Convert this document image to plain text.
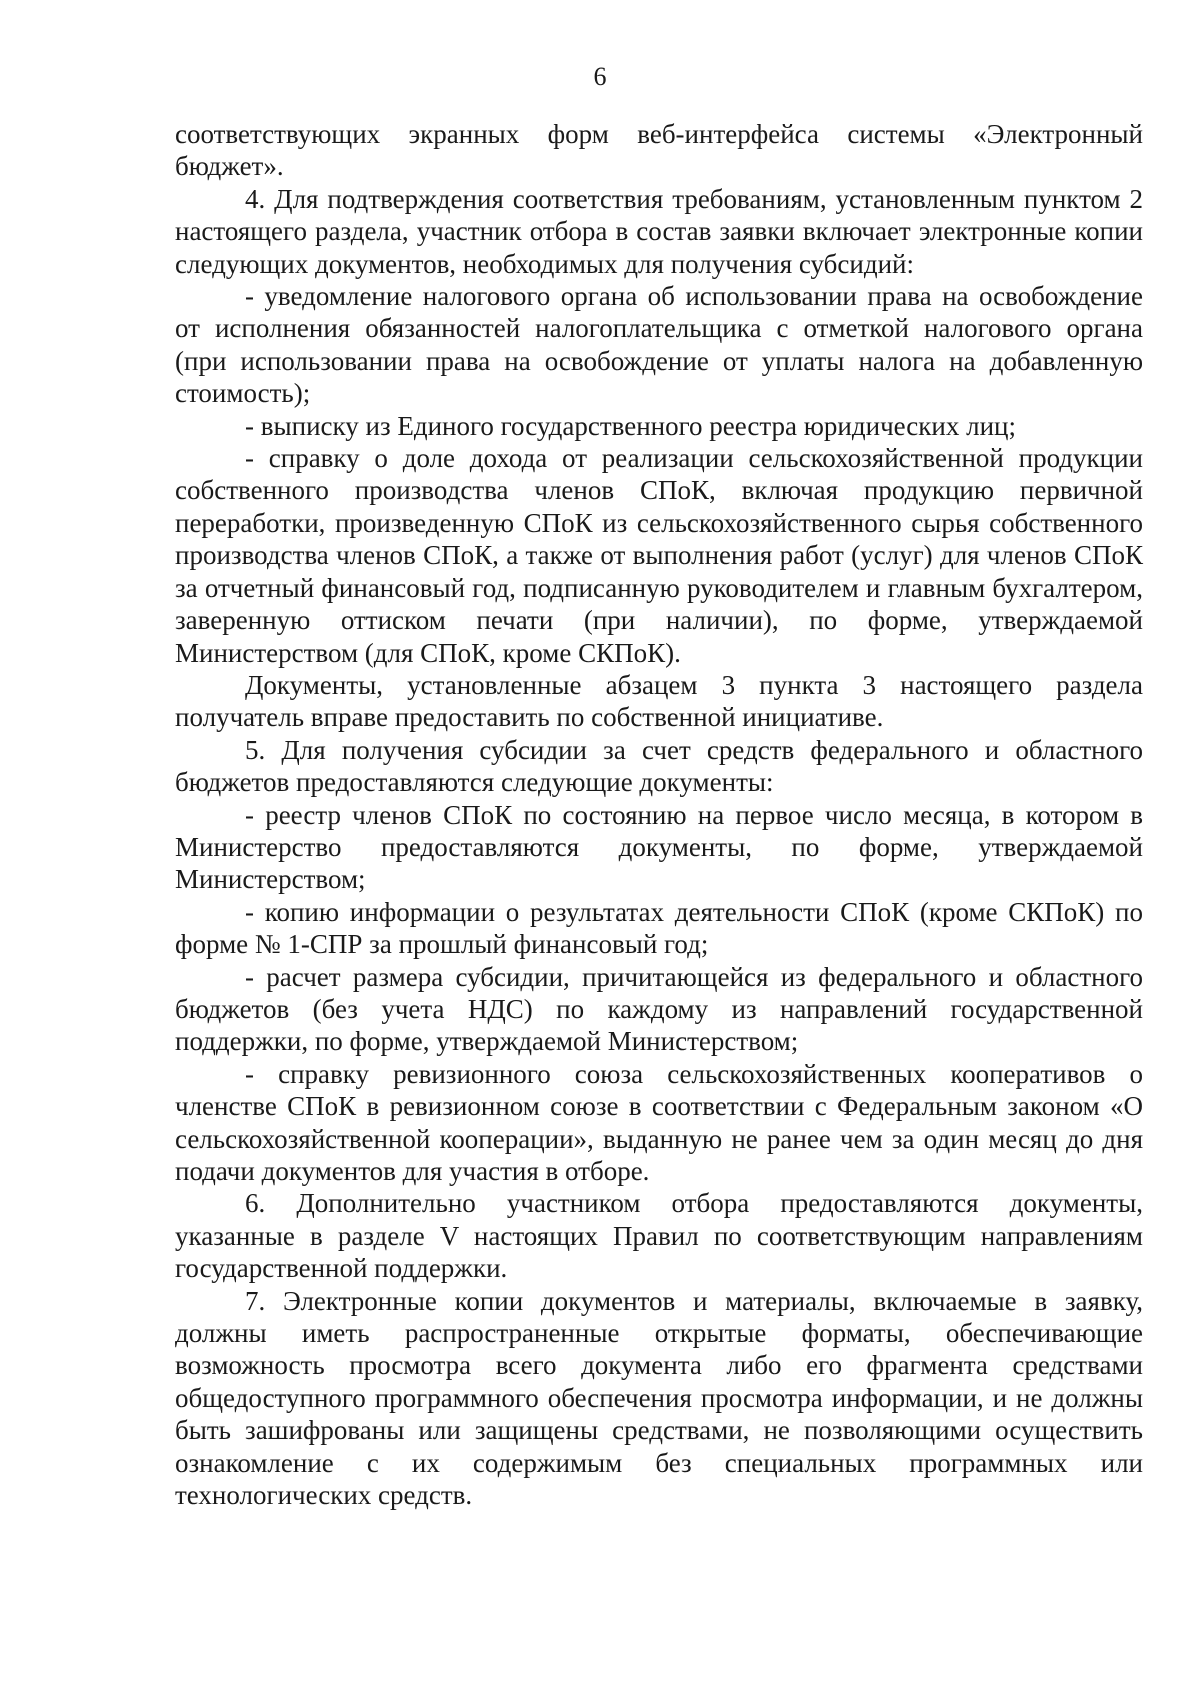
6

соответствующих экранных форм веб-интерфейса системы «Электронный бюджет».

4. Для подтверждения соответствия требованиям, установленным пунктом 2 настоящего раздела, участник отбора в состав заявки включает электронные копии следующих документов, необходимых для получения субсидий:

- уведомление налогового органа об использовании права на освобождение от исполнения обязанностей налогоплательщика с отметкой налогового органа (при использовании права на освобождение от уплаты налога на добавленную стоимость);

- выписку из Единого государственного реестра юридических лиц;

- справку о доле дохода от реализации сельскохозяйственной продукции собственного производства членов СПоК, включая продукцию первичной переработки, произведенную СПоК из сельскохозяйственного сырья собственного производства членов СПоК, а также от выполнения работ (услуг) для членов СПоК за отчетный финансовый год, подписанную руководителем и главным бухгалтером, заверенную оттиском печати (при наличии), по форме, утверждаемой Министерством (для СПоК, кроме СКПоК).

Документы, установленные абзацем 3 пункта 3 настоящего раздела получатель вправе предоставить по собственной инициативе.

5. Для получения субсидии за счет средств федерального и областного бюджетов предоставляются следующие документы:

- реестр членов СПоК по состоянию на первое число месяца, в котором в Министерство предоставляются документы, по форме, утверждаемой Министерством;

- копию информации о результатах деятельности СПоК (кроме СКПоК) по форме № 1-СПР за прошлый финансовый год;

- расчет размера субсидии, причитающейся из федерального и областного бюджетов (без учета НДС) по каждому из направлений государственной поддержки, по форме, утверждаемой Министерством;

- справку ревизионного союза сельскохозяйственных кооперативов о членстве СПоК в ревизионном союзе в соответствии с Федеральным законом «О сельскохозяйственной кооперации», выданную не ранее чем за один месяц до дня подачи документов для участия в отборе.

6. Дополнительно участником отбора предоставляются документы, указанные в разделе V настоящих Правил по соответствующим направлениям государственной поддержки.

7. Электронные копии документов и материалы, включаемые в заявку, должны иметь распространенные открытые форматы, обеспечивающие возможность просмотра всего документа либо его фрагмента средствами общедоступного программного обеспечения просмотра информации, и не должны быть зашифрованы или защищены средствами, не позволяющими осуществить ознакомление с их содержимым без специальных программных или технологических средств.
